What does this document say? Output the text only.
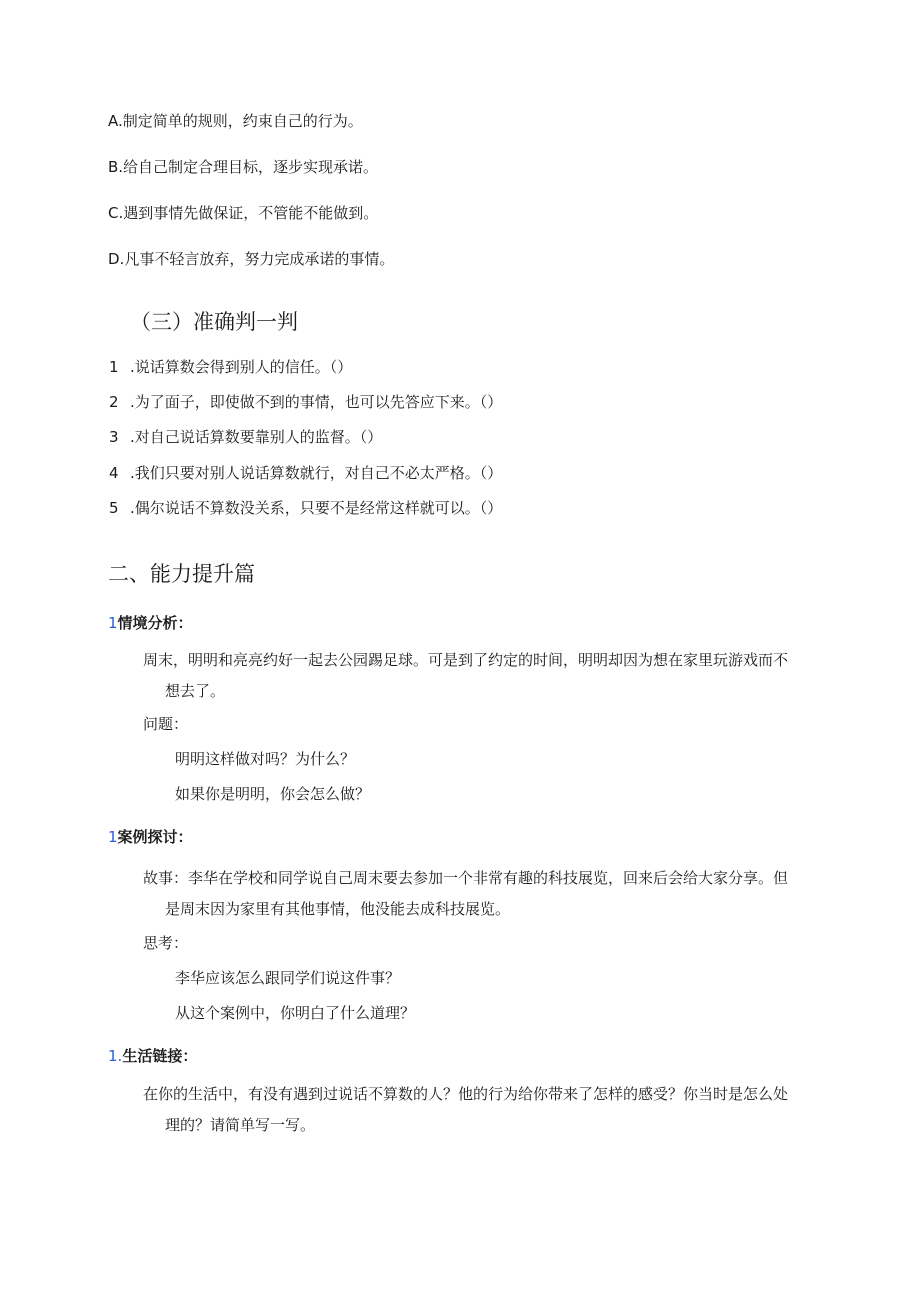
A.制定简单的规则，约束自己的行为。
B.给自己制定合理目标，逐步实现承诺。
C.遇到事情先做保证，不管能不能做到。
D.凡事不轻言放弃，努力完成承诺的事情。
（三）准确判一判
1 .说话算数会得到别人的信任。（）
2 .为了面子，即使做不到的事情，也可以先答应下来。（）
3 .对自己说话算数要靠别人的监督。（）
4 .我们只要对别人说话算数就行，对自己不必太严格。（）
5 .偶尔说话不算数没关系，只要不是经常这样就可以。（）
二、能力提升篇
1情境分析：
周末，明明和亮亮约好一起去公园踢足球。可是到了约定的时间，明明却因为想在家里玩游戏而不
想去了。
问题：
明明这样做对吗？为什么？
如果你是明明，你会怎么做？
1案例探讨：
故事：李华在学校和同学说自己周末要去参加一个非常有趣的科技展览，回来后会给大家分享。但
是周末因为家里有其他事情，他没能去成科技展览。
思考：
李华应该怎么跟同学们说这件事？
从这个案例中，你明白了什么道理？
1.生活链接：
在你的生活中，有没有遇到过说话不算数的人？他的行为给你带来了怎样的感受？你当时是怎么处
理的？请简单写一写。
